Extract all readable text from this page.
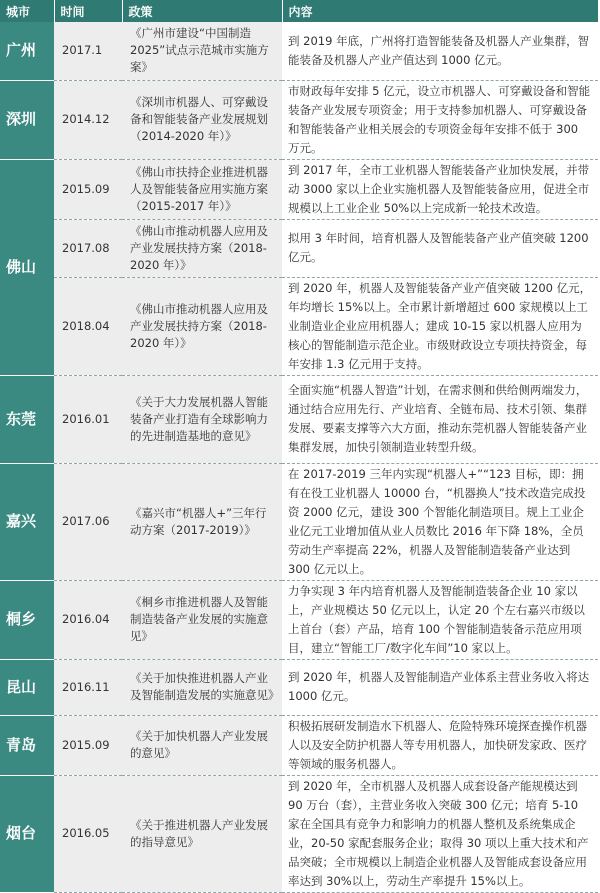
城市	时间	政策	内容
广州	2017.1	《广州市建设“中国制造2025”试点示范城市实施方案》	到 2019 年底，广州将打造智能装备及机器人产业集群，智能装备及机器人产业产值达到 1000 亿元。
深圳	2014.12	《深圳市机器人、可穿戴设备和智能装备产业发展规划（2014-2020 年）》	市财政每年安排 5 亿元，设立市机器人、可穿戴设备和智能装备产业发展专项资金；用于支持参加机器人、可穿戴设备和智能装备产业相关展会的专项资金每年安排不低于 300 万元。
佛山	2015.09	《佛山市扶持企业推进机器人及智能装备应用实施方案（2015-2017 年）》	到 2017 年，全市工业机器人智能装备产业加快发展，并带动 3000 家以上企业实施机器人及智能装备应用，促进全市规模以上工业企业 50%以上完成新一轮技术改造。
	2017.08	《佛山市推动机器人应用及产业发展扶持方案（2018-2020 年）》	拟用 3 年时间，培育机器人及智能装备产业产值突破 1200 亿元。
	2018.04	《佛山市推动机器人应用及产业发展扶持方案（2018-2020 年）》	到 2020 年，机器人及智能装备产业产值突破 1200 亿元，年均增长 15%以上。全市累计新增超过 600 家规模以上工业制造业企业应用机器人；建成 10-15 家以机器人应用为核心的智能制造示范企业。市级财政设立专项扶持资金，每年安排 1.3 亿元用于支持。
东莞	2016.01	《关于大力发展机器人智能装备产业打造有全球影响力的先进制造基地的意见》	全面实施“机器人智造”计划，在需求侧和供给侧两端发力，通过结合应用先行、产业培育、全链布局、技术引领、集群发展、要素支撑等六大方面，推动东莞机器人智能装备产业集群发展，加快引领制造业转型升级。
嘉兴	2017.06	《嘉兴市“机器人+”三年行动方案（2017-2019）》	在 2017-2019 三年内实现“机器人+”“123 目标，即：拥有在役工业机器人 10000 台，“机器换人”技术改造完成投资 2000 亿元，建设 300 个智能化制造项目。规上工业企业亿元工业增加值从业人员数比 2016 年下降 18%，全员劳动生产率提高 22%，机器人及智能制造装备产业达到 300 亿元以上。
桐乡	2016.04	《桐乡市推进机器人及智能制造装备产业发展的实施意见》	力争实现 3 年内培育机器人及智能制造装备企业 10 家以上，产业规模达 50 亿元以上，认定 20 个左右嘉兴市级以上首台（套）产品，培育 100 个智能制造装备示范应用项目，建立“智能工厂/数字化车间”10 家以上。
昆山	2016.11	《关于加快推进机器人产业及智能制造发展的实施意见》	到 2020 年，机器人及智能制造产业体系主营业务收入将达 1000 亿元。
青岛	2015.09	《关于加快机器人产业发展的意见》	积极拓展研发制造水下机器人、危险特殊环境探查操作机器人以及安全防护机器人等专用机器人，加快研发家政、医疗等领域的服务机器人。
烟台	2016.05	《关于推进机器人产业发展的指导意见》	到 2020 年，全市机器人及机器人成套设备产能规模达到 90 万台（套），主营业务收入突破 300 亿元；培育 5-10 家在全国具有竞争力和影响力的机器人整机及系统集成企业，20-50 家配套服务企业；取得 30 项以上重大技术和产品突破；全市规模以上制造企业机器人及智能成套设备应用率达到 30%以上，劳动生产率提升 15%以上。
